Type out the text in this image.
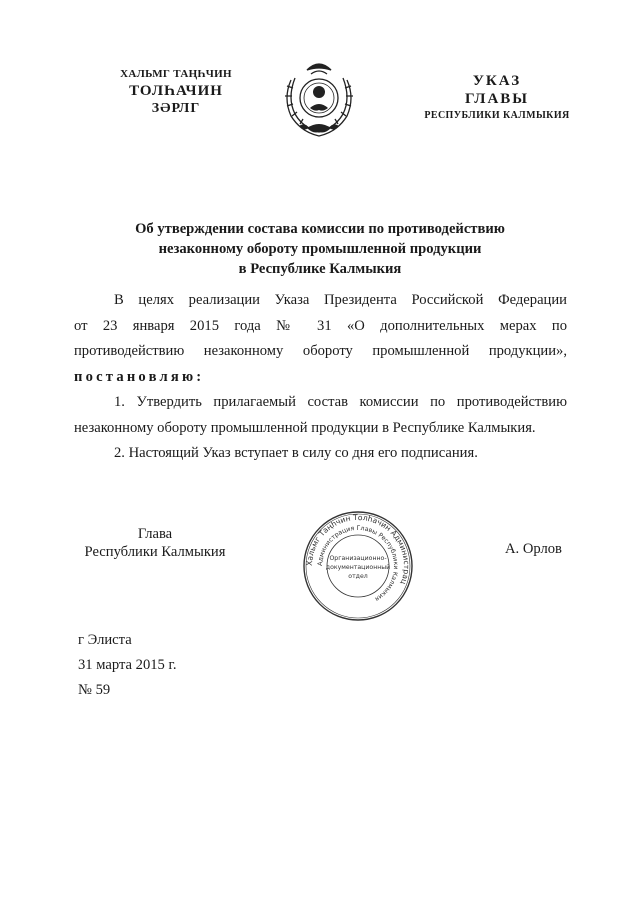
ХАЛЬМГ ТАҢҺЧИН
ТОЛҺАЧИН
ЗӘРЛГ
УКАЗ
ГЛАВЫ
РЕСПУБЛИКИ КАЛМЫКИЯ
Об утверждении состава комиссии по противодействию
незаконному обороту промышленной продукции
в Республике Калмыкия

В целях реализации Указа Президента Российской Федерации

от 23 января 2015 года № 31 «О дополнительных мерах по

противодействию незаконному обороту промышленной продукции»,

постановляю:

1. Утвердить прилагаемый состав комиссии по противодействию

незаконному обороту промышленной продукции в Республике Калмыкия.

2. Настоящий Указ вступает в силу со дня его подписания.

Глава
Республики Калмыкия
Хальмг Таңһчин Толһачин Администрац
Администрация Главы Республики Калмыкия
Организационно-
документационный
отдел
А. Орлов
г Элиста
31 марта 2015 г.
№ 59
